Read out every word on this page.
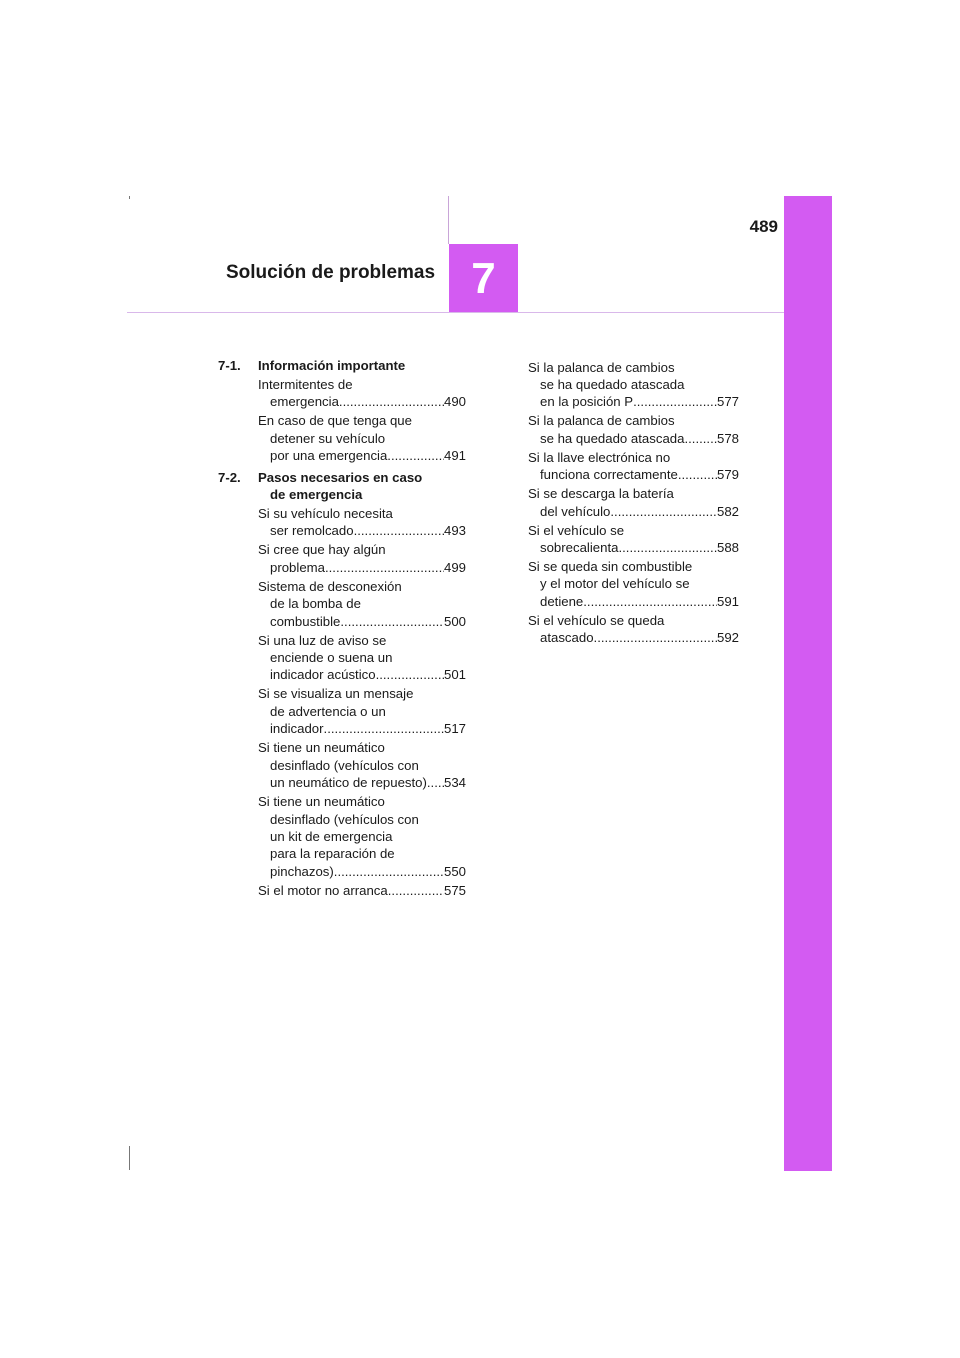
7
489
Solución de problemas
7-1. Información importante
Intermitentes de
emergencia .....	490
En caso de que tenga que
detener su vehículo
por una emergencia .....	491
7-2. Pasos necesarios en caso
de emergencia
Si su vehículo necesita
ser remolcado .....	493
Si cree que hay algún
problema .....	499
Sistema de desconexión
de la bomba de
combustible .....	500
Si una luz de aviso se
enciende o suena un
indicador acústico .....	501
Si se visualiza un mensaje
de advertencia o un
indicador .....	517
Si tiene un neumático
desinflado (vehículos con
un neumático de repuesto) ..... 534
Si tiene un neumático
desinflado (vehículos con
un kit de emergencia
para la reparación de
pinchazos) .....	550
Si el motor no arranca .....	575
Si la palanca de cambios
se ha quedado atascada
en la posición P .....	577
Si la palanca de cambios
se ha quedado atascada ..... 578
Si la llave electrónica no
funciona correctamente .....	579
Si se descarga la batería
del vehículo .....	582
Si el vehículo se
sobrecalienta .....	588
Si se queda sin combustible
y el motor del vehículo se
detiene .....	591
Si el vehículo se queda
atascado .....	592
